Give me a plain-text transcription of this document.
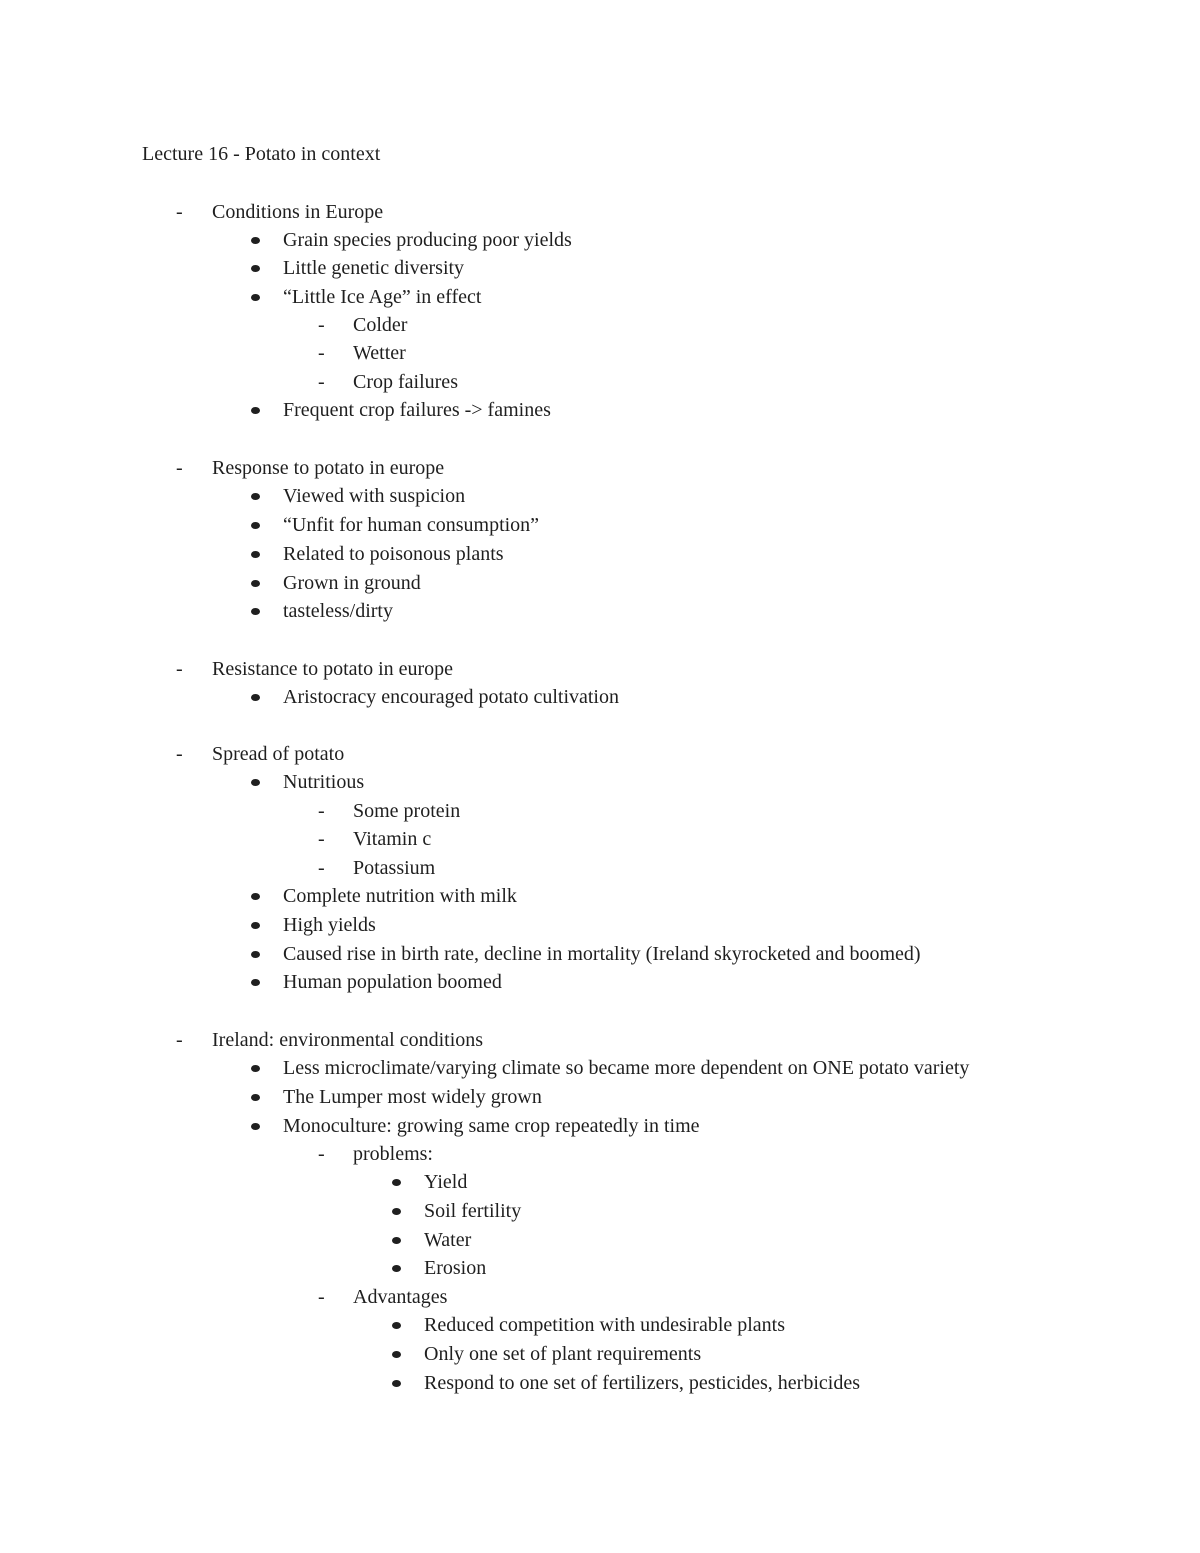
Lecture 16 - Potato in context
- Conditions in Europe
Grain species producing poor yields
Little genetic diversity
“Little Ice Age” in effect
- Colder
- Wetter
- Crop failures
Frequent crop failures -> famines
- Response to potato in europe
Viewed with suspicion
“Unfit for human consumption”
Related to poisonous plants
Grown in ground
tasteless/dirty
- Resistance to potato in europe
Aristocracy encouraged potato cultivation
- Spread of potato
Nutritious
- Some protein
- Vitamin c
- Potassium
Complete nutrition with milk
High yields
Caused rise in birth rate, decline in mortality (Ireland skyrocketed and boomed)
Human population boomed
- Ireland: environmental conditions
Less microclimate/varying climate so became more dependent on ONE potato variety
The Lumper most widely grown
Monoculture: growing same crop repeatedly in time
- problems:
Yield
Soil fertility
Water
Erosion
- Advantages
Reduced competition with undesirable plants
Only one set of plant requirements
Respond to one set of fertilizers, pesticides, herbicides
